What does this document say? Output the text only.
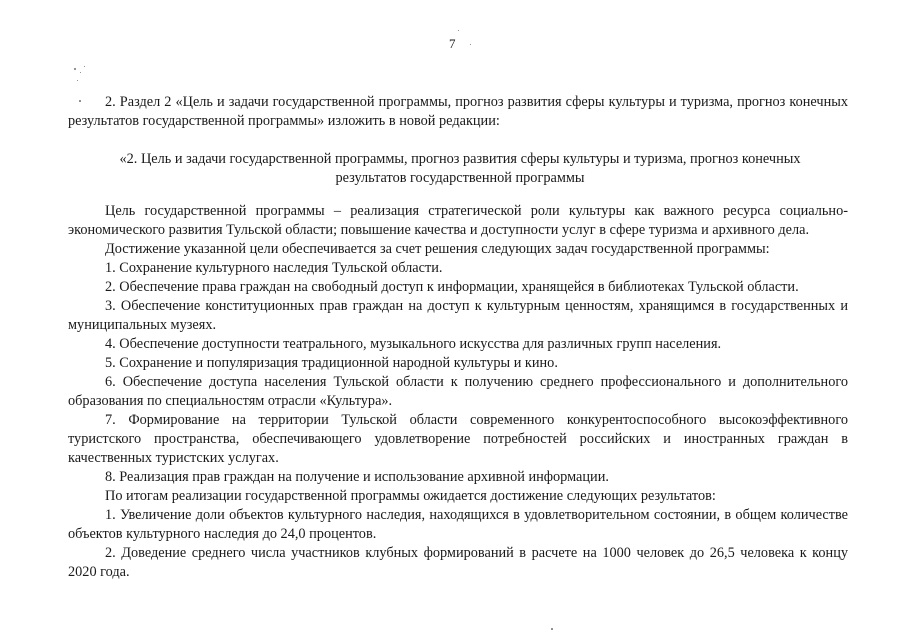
7

2. Раздел 2 «Цель и задачи государственной программы, прогноз развития сферы культуры и туризма, прогноз конечных результатов государственной программы» изложить в новой редакции:

«2. Цель и задачи государственной программы, прогноз развития сферы культуры и туризма, прогноз конечных результатов государственной программы

Цель государственной программы – реализация стратегической роли культуры как важного ресурса социально-экономического развития Тульской области; повышение качества и доступности услуг в сфере туризма и архивного дела.

Достижение указанной цели обеспечивается за счет решения следующих задач государственной программы:

1. Сохранение культурного наследия Тульской области.

2. Обеспечение права граждан на свободный доступ к информации, хранящейся в библиотеках Тульской области.

3. Обеспечение конституционных прав граждан на доступ к культурным ценностям, хранящимся в государственных и муниципальных музеях.

4. Обеспечение доступности театрального, музыкального искусства для различных групп населения.

5. Сохранение и популяризация традиционной народной культуры и кино.

6. Обеспечение доступа населения Тульской области к получению среднего профессионального и дополнительного образования по специальностям отрасли «Культура».

7. Формирование на территории Тульской области современного конкурентоспособного высокоэффективного туристского пространства, обеспечивающего удовлетворение потребностей российских и иностранных граждан в качественных туристских услугах.

8. Реализация прав граждан на получение и использование архивной информации.

По итогам реализации государственной программы ожидается достижение следующих результатов:

1. Увеличение доли объектов культурного наследия, находящихся в удовлетворительном состоянии, в общем количестве объектов культурного наследия до 24,0 процентов.

2. Доведение среднего числа участников клубных формирований в расчете на 1000 человек до 26,5 человека к концу 2020 года.
